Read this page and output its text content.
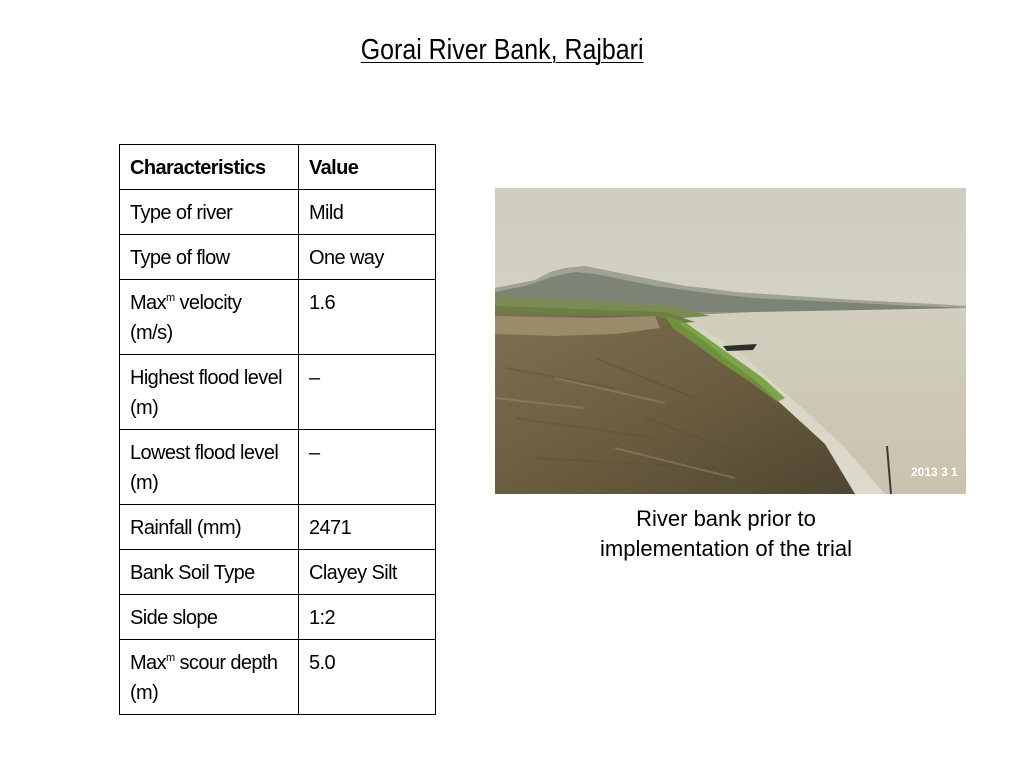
Gorai River Bank, Rajbari
Characteristics	Value
Type of river	Mild
Type of flow	One way
Max$^m$ velocity (m/s)	1.6
Highest flood level (m)	–
Lowest flood level (m)	–
Rainfall (mm)	2471
Bank Soil Type	Clayey Silt
Side slope	1:2
Max$^m$ scour depth (m)	5.0
2013 3 1
River bank prior to implementation of the trial
